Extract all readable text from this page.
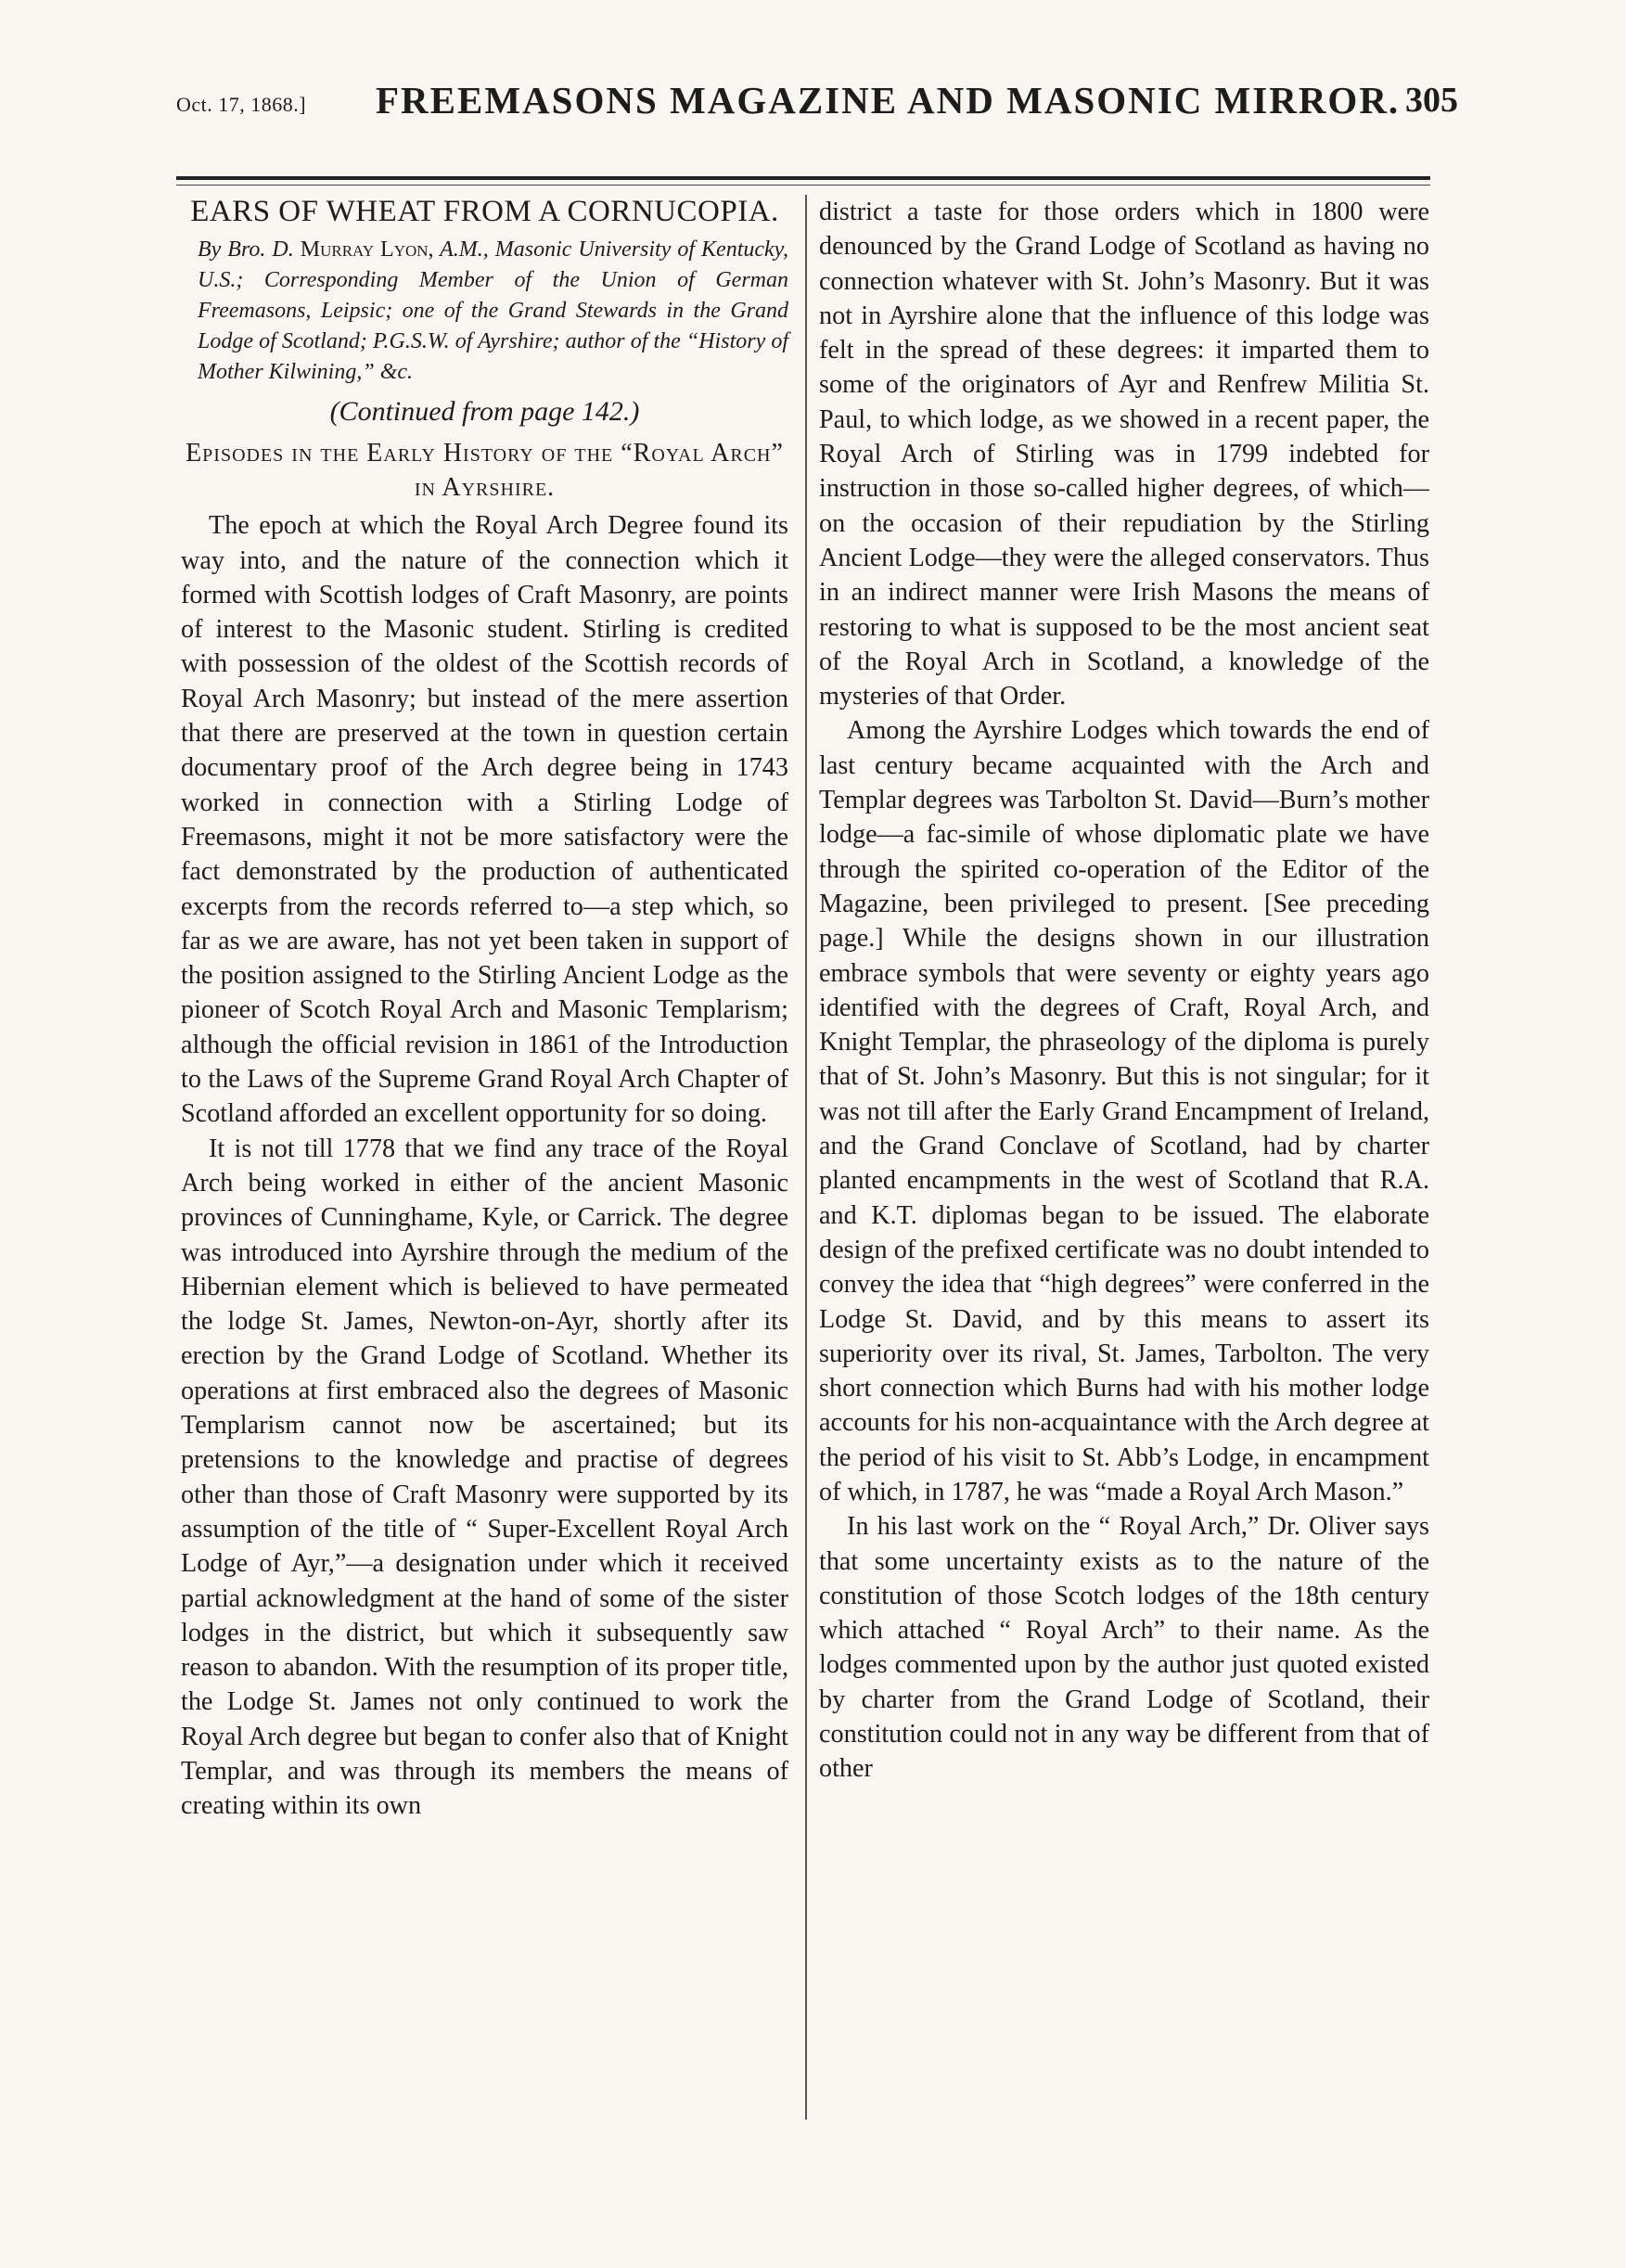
Oct. 17, 1868.] FREEMASONS MAGAZINE AND MASONIC MIRROR. 305
EARS OF WHEAT FROM A CORNUCOPIA.

By Bro. D. Murray Lyon, A.M., Masonic University of Kentucky, U.S.; Corresponding Member of the Union of German Freemasons, Leipsic; one of the Grand Stewards in the Grand Lodge of Scotland; P.G.S.W. of Ayrshire; author of the “History of Mother Kilwining,” &c.

(Continued from page 142.)
Episodes in the Early History of the “Royal Arch” in Ayrshire.

The epoch at which the Royal Arch Degree found its way into, and the nature of the connection which it formed with Scottish lodges of Craft Masonry, are points of interest to the Masonic student. Stirling is credited with possession of the oldest of the Scottish records of Royal Arch Masonry; but instead of the mere assertion that there are preserved at the town in question certain documentary proof of the Arch degree being in 1743 worked in connection with a Stirling Lodge of Freemasons, might it not be more satisfactory were the fact demonstrated by the production of authenticated excerpts from the records referred to—a step which, so far as we are aware, has not yet been taken in support of the position assigned to the Stirling Ancient Lodge as the pioneer of Scotch Royal Arch and Masonic Templarism; although the official revision in 1861 of the Introduction to the Laws of the Supreme Grand Royal Arch Chapter of Scotland afforded an excellent opportunity for so doing.

It is not till 1778 that we find any trace of the Royal Arch being worked in either of the ancient Masonic provinces of Cunninghame, Kyle, or Carrick. The degree was introduced into Ayrshire through the medium of the Hibernian element which is believed to have permeated the lodge St. James, Newton-on-Ayr, shortly after its erection by the Grand Lodge of Scotland. Whether its operations at first embraced also the degrees of Masonic Templarism cannot now be ascertained; but its pretensions to the knowledge and practise of degrees other than those of Craft Masonry were supported by its assumption of the title of “ Super-Excellent Royal Arch Lodge of Ayr,”—a designation under which it received partial acknowledgment at the hand of some of the sister lodges in the district, but which it subsequently saw reason to abandon. With the resumption of its proper title, the Lodge St. James not only continued to work the Royal Arch degree but began to confer also that of Knight Templar, and was through its members the means of creating within its own

district a taste for those orders which in 1800 were denounced by the Grand Lodge of Scotland as having no connection whatever with St. John’s Masonry. But it was not in Ayrshire alone that the influence of this lodge was felt in the spread of these degrees: it imparted them to some of the originators of Ayr and Renfrew Militia St. Paul, to which lodge, as we showed in a recent paper, the Royal Arch of Stirling was in 1799 indebted for instruction in those so-called higher degrees, of which—on the occasion of their repudiation by the Stirling Ancient Lodge—they were the alleged conservators. Thus in an indirect manner were Irish Masons the means of restoring to what is supposed to be the most ancient seat of the Royal Arch in Scotland, a knowledge of the mysteries of that Order.

Among the Ayrshire Lodges which towards the end of last century became acquainted with the Arch and Templar degrees was Tarbolton St. David—Burn’s mother lodge—a fac-simile of whose diplomatic plate we have through the spirited co-operation of the Editor of the Magazine, been privileged to present. [See preceding page.] While the designs shown in our illustration embrace symbols that were seventy or eighty years ago identified with the degrees of Craft, Royal Arch, and Knight Templar, the phraseology of the diploma is purely that of St. John’s Masonry. But this is not singular; for it was not till after the Early Grand Encampment of Ireland, and the Grand Conclave of Scotland, had by charter planted encampments in the west of Scotland that R.A. and K.T. diplomas began to be issued. The elaborate design of the prefixed certificate was no doubt intended to convey the idea that “high degrees” were conferred in the Lodge St. David, and by this means to assert its superiority over its rival, St. James, Tarbolton. The very short connection which Burns had with his mother lodge accounts for his non-acquaintance with the Arch degree at the period of his visit to St. Abb’s Lodge, in encampment of which, in 1787, he was “made a Royal Arch Mason.”

In his last work on the “ Royal Arch,” Dr. Oliver says that some uncertainty exists as to the nature of the constitution of those Scotch lodges of the 18th century which attached “ Royal Arch” to their name. As the lodges commented upon by the author just quoted existed by charter from the Grand Lodge of Scotland, their constitution could not in any way be different from that of other
